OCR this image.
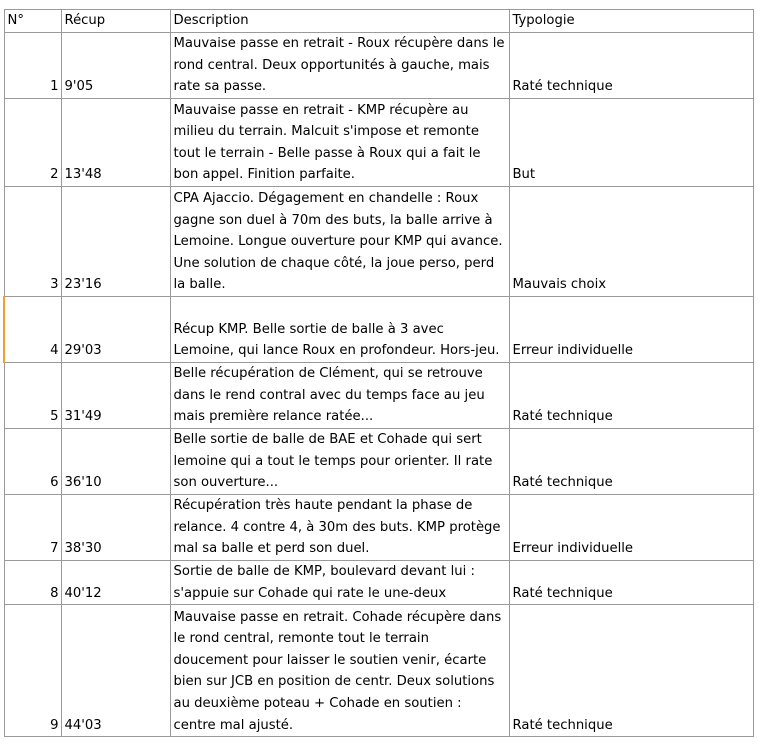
N°	Récup	Description	Typologie
1	9'05	Mauvaise passe en retrait - Roux récupère dans le rond central. Deux opportunités à gauche, mais rate sa passe.	Raté technique
2	13'48	Mauvaise passe en retrait - KMP récupère au milieu du terrain. Malcuit s'impose et remonte tout le terrain - Belle passe à Roux qui a fait le bon appel. Finition parfaite.	But
3	23'16	CPA Ajaccio. Dégagement en chandelle : Roux gagne son duel à 70m des buts, la balle arrive à Lemoine. Longue ouverture pour KMP qui avance. Une solution de chaque côté, la joue perso, perd la balle.	Mauvais choix
4	29'03	Récup KMP. Belle sortie de balle à 3 avec Lemoine, qui lance Roux en profondeur. Hors-jeu.	Erreur individuelle
5	31'49	Belle récupération de Clément, qui se retrouve dans le rend contral avec du temps face au jeu mais première relance ratée...	Raté technique
6	36'10	Belle sortie de balle de BAE et Cohade qui sert lemoine qui a tout le temps pour orienter. Il rate son ouverture...	Raté technique
7	38'30	Récupération très haute pendant la phase de relance. 4 contre 4, à 30m des buts. KMP protège mal sa balle et perd son duel.	Erreur individuelle
8	40'12	Sortie de balle de KMP, boulevard devant lui : s'appuie sur Cohade qui rate le une-deux	Raté technique
9	44'03	Mauvaise passe en retrait. Cohade récupère dans le rond central, remonte tout le terrain doucement pour laisser le soutien venir, écarte bien sur JCB en position de centr. Deux solutions au deuxième poteau + Cohade en soutien : centre mal ajusté.	Raté technique
